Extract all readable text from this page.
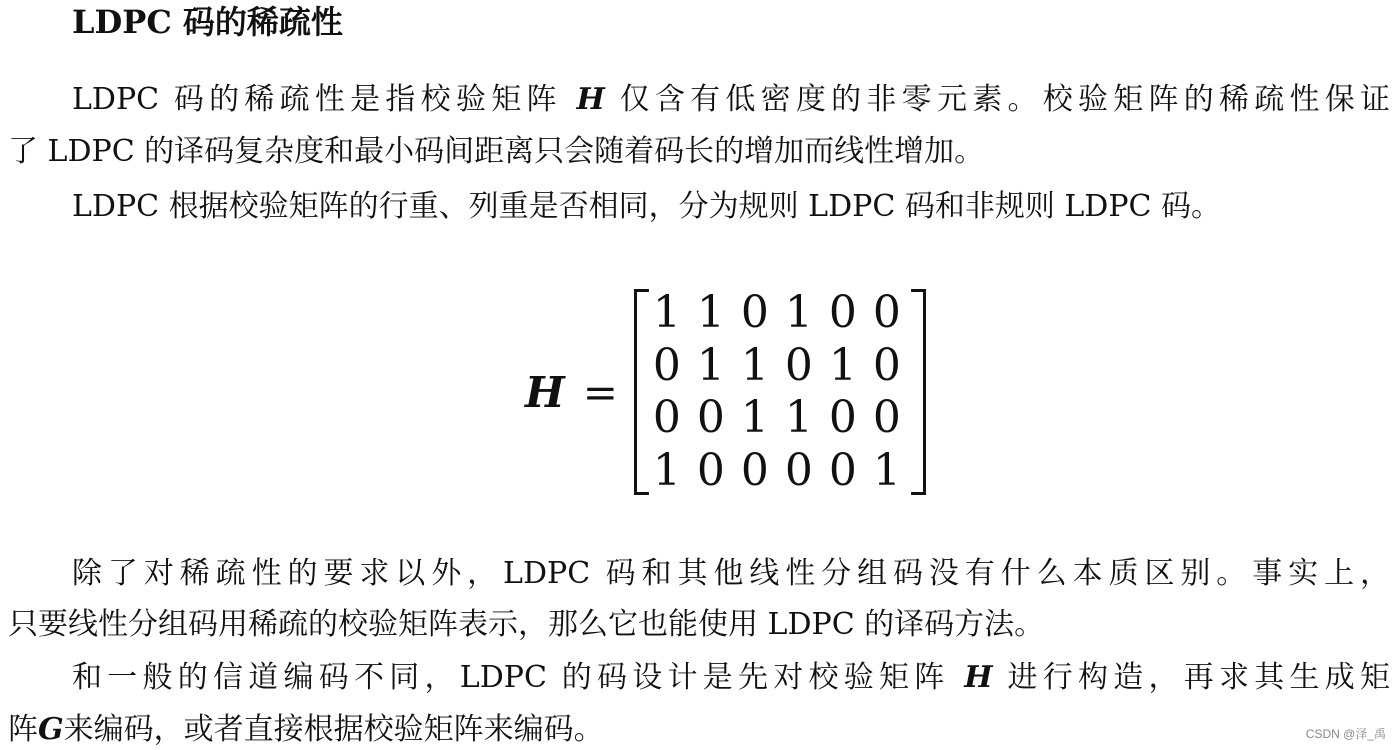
LDPC 码的稀疏性
LDPC 码的稀疏性是指校验矩阵 H 仅含有低密度的非零元素。校验矩阵的稀疏性保证
了 LDPC 的译码复杂度和最小码间距离只会随着码长的增加而线性增加。
LDPC 根据校验矩阵的行重、列重是否相同，分为规则 LDPC 码和非规则 LDPC 码。
H =
1 1 0 1 0 0
0 1 1 0 1 0
0 0 1 1 0 0
1 0 0 0 0 1
除了对稀疏性的要求以外，LDPC 码和其他线性分组码没有什么本质区别。事实上，
只要线性分组码用稀疏的校验矩阵表示，那么它也能使用 LDPC 的译码方法。
和一般的信道编码不同，LDPC 的码设计是先对校验矩阵 H 进行构造，再求其生成矩
阵G来编码，或者直接根据校验矩阵来编码。	CSDN @泽_禹
